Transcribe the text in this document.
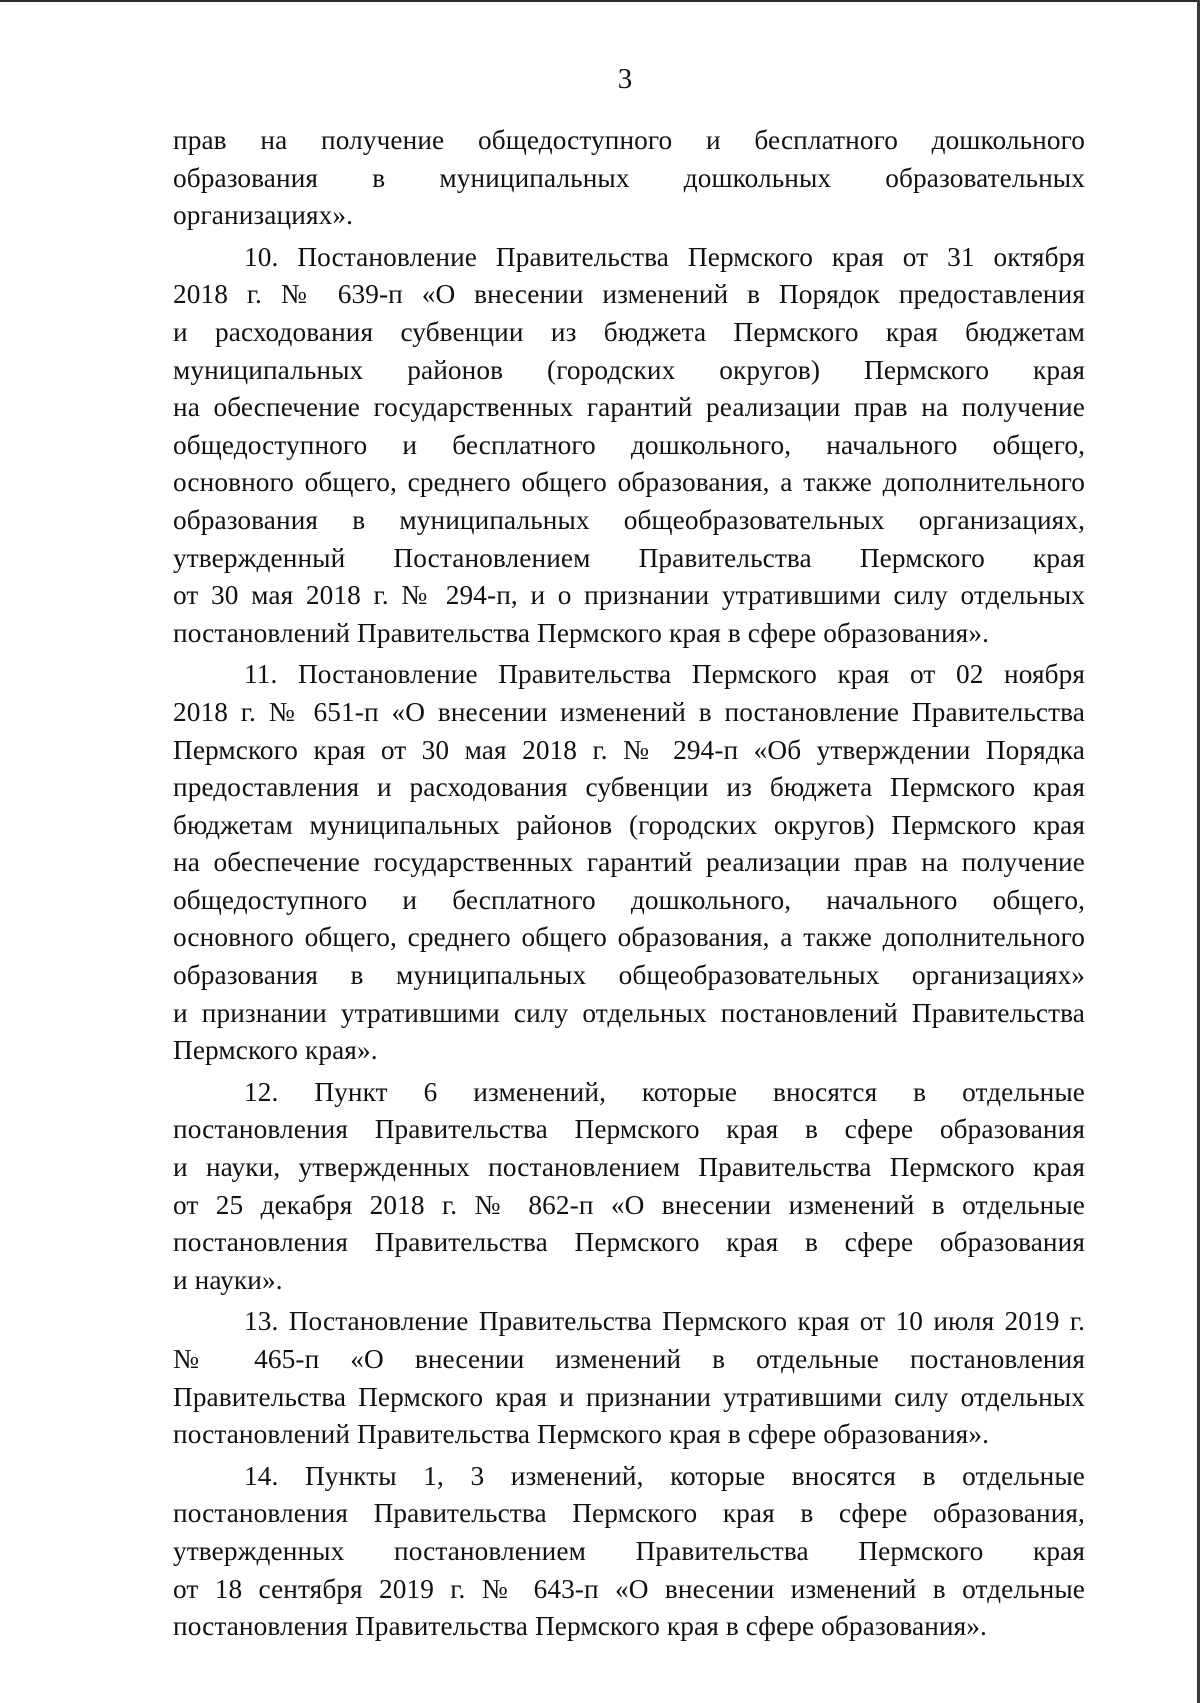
3

прав на получение общедоступного и бесплатного дошкольного
образования в муниципальных дошкольных образовательных
организациях».

10. Постановление Правительства Пермского края от 31 октября
2018 г. № 639-п «О внесении изменений в Порядок предоставления
и расходования субвенции из бюджета Пермского края бюджетам
муниципальных районов (городских округов) Пермского края
на обеспечение государственных гарантий реализации прав на получение
общедоступного и бесплатного дошкольного, начального общего,
основного общего, среднего общего образования, а также дополнительного
образования в муниципальных общеобразовательных организациях,
утвержденный Постановлением Правительства Пермского края
от 30 мая 2018 г. № 294-п, и о признании утратившими силу отдельных
постановлений Правительства Пермского края в сфере образования».

11. Постановление Правительства Пермского края от 02 ноября
2018 г. № 651-п «О внесении изменений в постановление Правительства
Пермского края от 30 мая 2018 г. № 294-п «Об утверждении Порядка
предоставления и расходования субвенции из бюджета Пермского края
бюджетам муниципальных районов (городских округов) Пермского края
на обеспечение государственных гарантий реализации прав на получение
общедоступного и бесплатного дошкольного, начального общего,
основного общего, среднего общего образования, а также дополнительного
образования в муниципальных общеобразовательных организациях»
и признании утратившими силу отдельных постановлений Правительства
Пермского края».

12. Пункт 6 изменений, которые вносятся в отдельные
постановления Правительства Пермского края в сфере образования
и науки, утвержденных постановлением Правительства Пермского края
от 25 декабря 2018 г. № 862-п «О внесении изменений в отдельные
постановления Правительства Пермского края в сфере образования
и науки».

13. Постановление Правительства Пермского края от 10 июля 2019 г.
№ 465-п «О внесении изменений в отдельные постановления
Правительства Пермского края и признании утратившими силу отдельных
постановлений Правительства Пермского края в сфере образования».

14. Пункты 1, 3 изменений, которые вносятся в отдельные
постановления Правительства Пермского края в сфере образования,
утвержденных постановлением Правительства Пермского края
от 18 сентября 2019 г. № 643-п «О внесении изменений в отдельные
постановления Правительства Пермского края в сфере образования».
